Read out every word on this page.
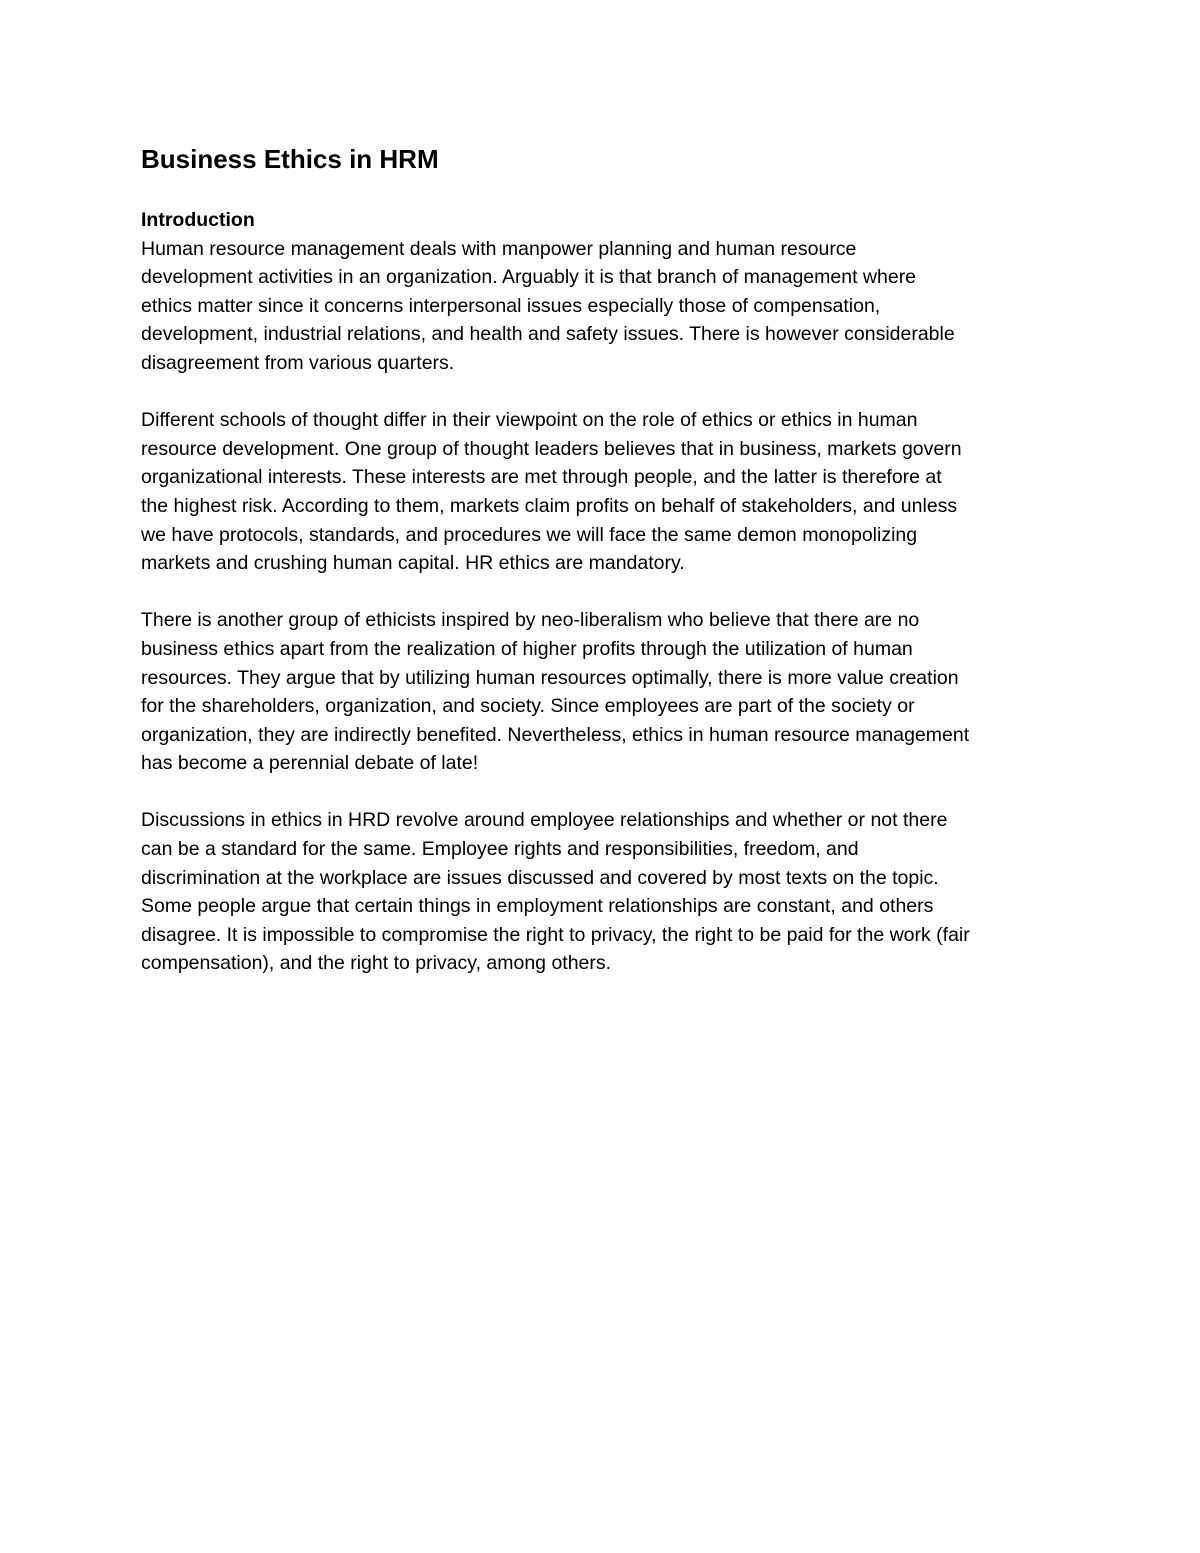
Business Ethics in HRM
Introduction

Human resource management deals with manpower planning and human resource
development activities in an organization. Arguably it is that branch of management where
ethics matter since it concerns interpersonal issues especially those of compensation,
development, industrial relations, and health and safety issues. There is however considerable
disagreement from various quarters.

Different schools of thought differ in their viewpoint on the role of ethics or ethics in human
resource development. One group of thought leaders believes that in business, markets govern
organizational interests. These interests are met through people, and the latter is therefore at
the highest risk. According to them, markets claim profits on behalf of stakeholders, and unless
we have protocols, standards, and procedures we will face the same demon monopolizing
markets and crushing human capital. HR ethics are mandatory.

There is another group of ethicists inspired by neo-liberalism who believe that there are no
business ethics apart from the realization of higher profits through the utilization of human
resources. They argue that by utilizing human resources optimally, there is more value creation
for the shareholders, organization, and society. Since employees are part of the society or
organization, they are indirectly benefited. Nevertheless, ethics in human resource management
has become a perennial debate of late!

Discussions in ethics in HRD revolve around employee relationships and whether or not there
can be a standard for the same. Employee rights and responsibilities, freedom, and
discrimination at the workplace are issues discussed and covered by most texts on the topic.
Some people argue that certain things in employment relationships are constant, and others
disagree. It is impossible to compromise the right to privacy, the right to be paid for the work (fair
compensation), and the right to privacy, among others.
